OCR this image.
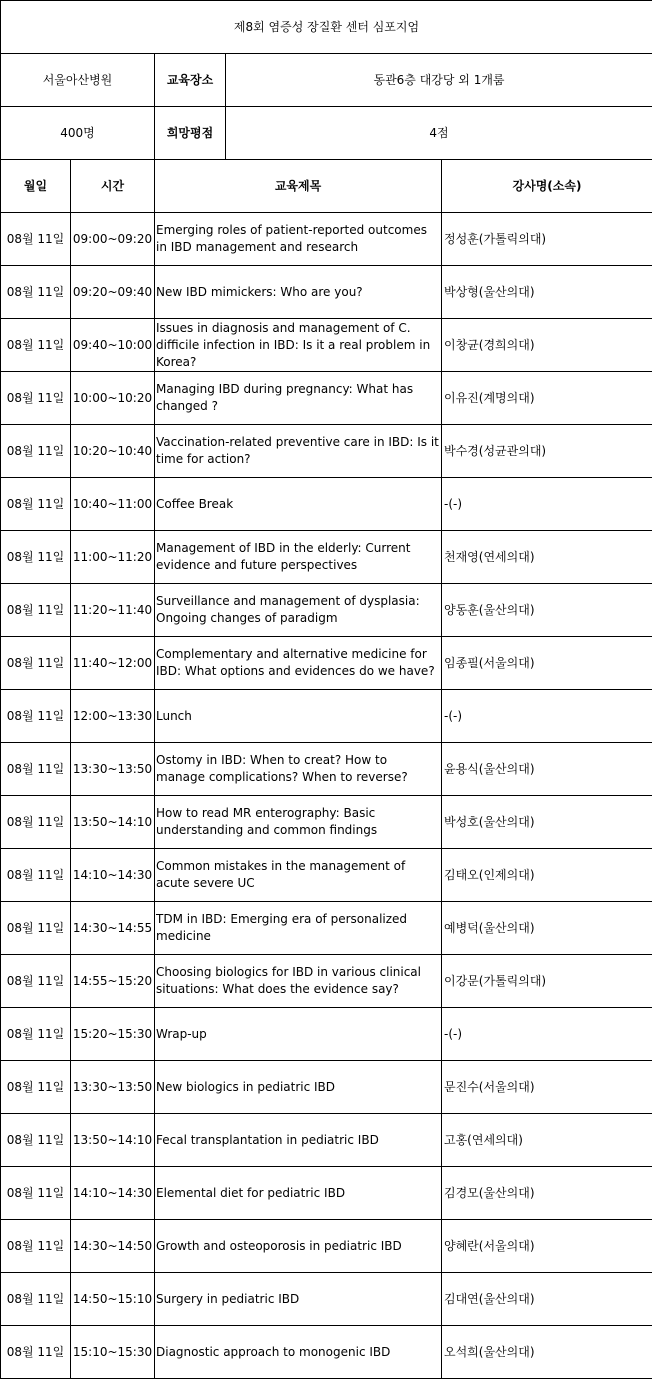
제8회 염증성 장질환 센터 심포지엄				
서울아산병원		교육장소	동관6층 대강당 외 1개룸	
400명		희망평점	4점	
월일	시간	교육제목		강사명(소속)
08월 11일	09:00~09:20	Emerging roles of patient-reported outcomes in IBD management and research		정성훈(가톨릭의대)
08월 11일	09:20~09:40	New IBD mimickers: Who are you?		박상형(울산의대)
08월 11일	09:40~10:00	Issues in diagnosis and management of C. difficile infection in IBD: Is it a real problem in Korea?		이창균(경희의대)
08월 11일	10:00~10:20	Managing IBD during pregnancy: What has changed ?		이유진(계명의대)
08월 11일	10:20~10:40	Vaccination-related preventive care in IBD: Is it time for action?		박수경(성균관의대)
08월 11일	10:40~11:00	Coffee Break		-(-)
08월 11일	11:00~11:20	Management of IBD in the elderly: Current evidence and future perspectives		천재영(연세의대)
08월 11일	11:20~11:40	Surveillance and management of dysplasia: Ongoing changes of paradigm		양동훈(울산의대)
08월 11일	11:40~12:00	Complementary and alternative medicine for IBD: What options and evidences do we have?		임종필(서울의대)
08월 11일	12:00~13:30	Lunch		-(-)
08월 11일	13:30~13:50	Ostomy in IBD: When to creat? How to manage complications? When to reverse?		윤용식(울산의대)
08월 11일	13:50~14:10	How to read MR enterography: Basic understanding and common findings		박성호(울산의대)
08월 11일	14:10~14:30	Common mistakes in the management of acute severe UC		김태오(인제의대)
08월 11일	14:30~14:55	TDM in IBD: Emerging era of personalized medicine		예병덕(울산의대)
08월 11일	14:55~15:20	Choosing biologics for IBD in various clinical situations: What does the evidence say?		이강문(가톨릭의대)
08월 11일	15:20~15:30	Wrap-up		-(-)
08월 11일	13:30~13:50	New biologics in pediatric IBD		문진수(서울의대)
08월 11일	13:50~14:10	Fecal transplantation in pediatric IBD		고홍(연세의대)
08월 11일	14:10~14:30	Elemental diet for pediatric IBD		김경모(울산의대)
08월 11일	14:30~14:50	Growth and osteoporosis in pediatric IBD		양혜란(서울의대)
08월 11일	14:50~15:10	Surgery in pediatric IBD		김대연(울산의대)
08월 11일	15:10~15:30	Diagnostic approach to monogenic IBD		오석희(울산의대)
